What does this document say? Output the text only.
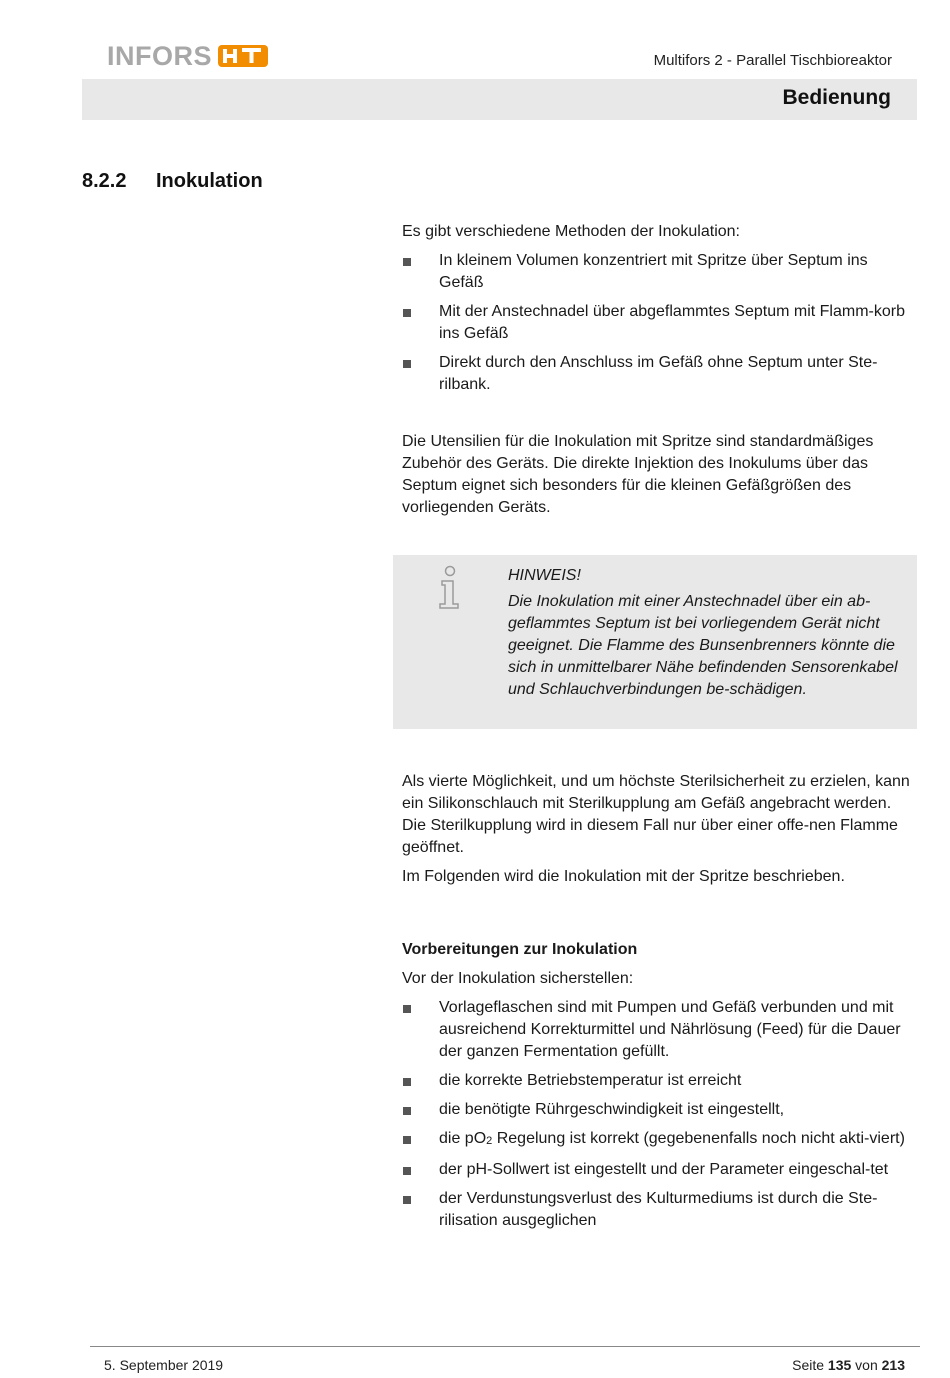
INFORS	Multifors 2 - Parallel Tischbioreaktor
Bedienung
8.2.2	Inokulation

Es gibt verschiedene Methoden der Inokulation:

In kleinem Volumen konzentriert mit Spritze über Septum ins Gefäß
Mit der Anstechnadel über abgeflammtes Septum mit Flamm-korb ins Gefäß
Direkt durch den Anschluss im Gefäß ohne Septum unter Ste-rilbank.

Die Utensilien für die Inokulation mit Spritze sind standardmäßiges Zubehör des Geräts. Die direkte Injektion des Inokulums über das Septum eignet sich besonders für die kleinen Gefäßgrößen des vorliegenden Geräts.

HINWEIS!
Die Inokulation mit einer Anstechnadel über ein ab-geflammtes Septum ist bei vorliegendem Gerät nicht geeignet. Die Flamme des Bunsenbrenners könnte die sich in unmittelbarer Nähe befindenden Sensorenkabel und Schlauchverbindungen be-schädigen.

Als vierte Möglichkeit, und um höchste Sterilsicherheit zu erzielen, kann ein Silikonschlauch mit Sterilkupplung am Gefäß angebracht werden. Die Sterilkupplung wird in diesem Fall nur über einer offe-nen Flamme geöffnet.

Im Folgenden wird die Inokulation mit der Spritze beschrieben.

Vorbereitungen zur Inokulation

Vor der Inokulation sicherstellen:

Vorlageflaschen sind mit Pumpen und Gefäß verbunden und mit ausreichend Korrekturmittel und Nährlösung (Feed) für die Dauer der ganzen Fermentation gefüllt.
die korrekte Betriebstemperatur ist erreicht
die benötigte Rührgeschwindigkeit ist eingestellt,
die $pO_2$ Regelung ist korrekt (gegebenenfalls noch nicht akti-viert)
der pH-Sollwert ist eingestellt und der Parameter eingeschal-tet
der Verdunstungsverlust des Kulturmediums ist durch die Ste-rilisation ausgeglichen
5. September 2019	Seite 135 von 213
